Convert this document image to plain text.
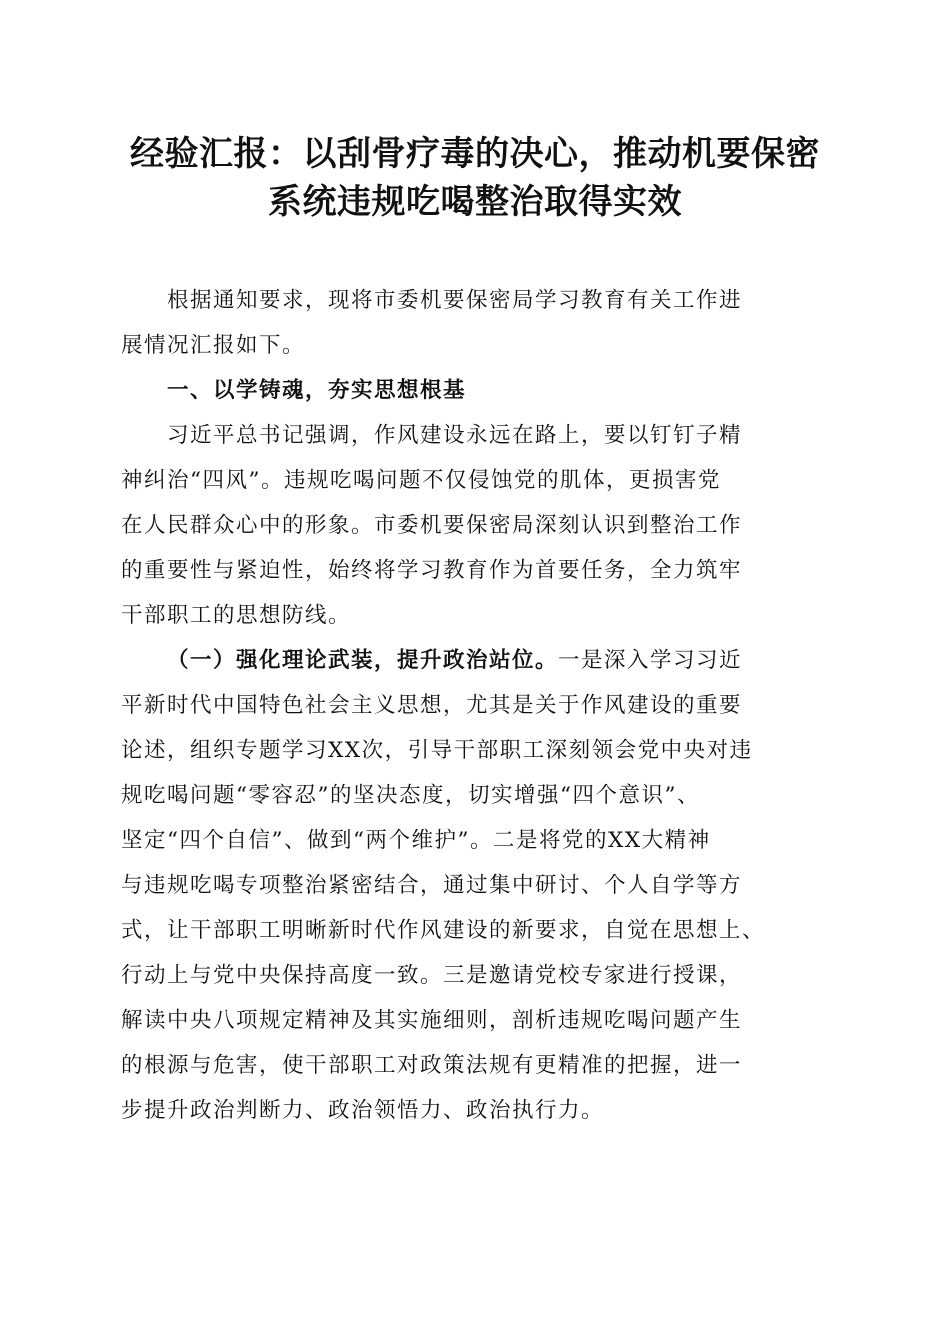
经验汇报：以刮骨疗毒的决心，推动机要保密
系统违规吃喝整治取得实效
根据通知要求，现将市委机要保密局学习教育有关工作进
展情况汇报如下。
一、以学铸魂，夯实思想根基
习近平总书记强调，作风建设永远在路上，要以钉钉子精
神纠治“四风”。违规吃喝问题不仅侵蚀党的肌体，更损害党
在人民群众心中的形象。市委机要保密局深刻认识到整治工作
的重要性与紧迫性，始终将学习教育作为首要任务，全力筑牢
干部职工的思想防线。
（一）强化理论武装，提升政治站位。一是深入学习习近
平新时代中国特色社会主义思想，尤其是关于作风建设的重要
论述，组织专题学习XX次，引导干部职工深刻领会党中央对违
规吃喝问题“零容忍”的坚决态度，切实增强“四个意识”、
坚定“四个自信”、做到“两个维护”。二是将党的XX大精神
与违规吃喝专项整治紧密结合，通过集中研讨、个人自学等方
式，让干部职工明晰新时代作风建设的新要求，自觉在思想上、
行动上与党中央保持高度一致。三是邀请党校专家进行授课，
解读中央八项规定精神及其实施细则，剖析违规吃喝问题产生
的根源与危害，使干部职工对政策法规有更精准的把握，进一
步提升政治判断力、政治领悟力、政治执行力。
